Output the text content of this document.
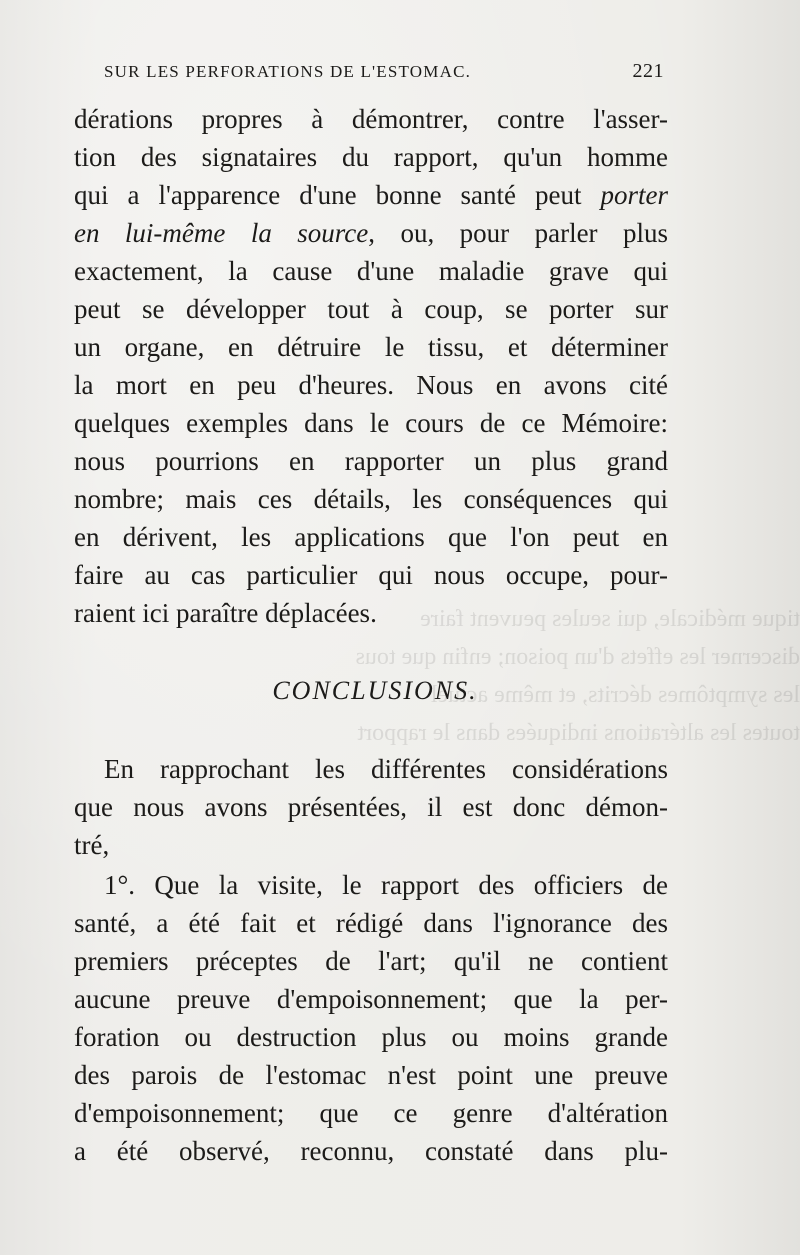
tique médicale, qui seules peuvent faire
discerner les effets d'un poison; enfin que tous
les symptômes décrits, et même actuel
toutes les altérations indiquées dans le rapport
SUR LES PERFORATIONS DE L'ESTOMAC.	221
dérations propres à démontrer, contre l'asser-
tion des signataires du rapport, qu'un homme
qui a l'apparence d'une bonne santé peut porter
en lui-même la source, ou, pour parler plus
exactement, la cause d'une maladie grave qui
peut se développer tout à coup, se porter sur
un organe, en détruire le tissu, et déterminer
la mort en peu d'heures. Nous en avons cité
quelques exemples dans le cours de ce Mémoire:
nous pourrions en rapporter un plus grand
nombre; mais ces détails, les conséquences qui
en dérivent, les applications que l'on peut en
faire au cas particulier qui nous occupe, pour-
raient ici paraître déplacées.
CONCLUSIONS.
En rapprochant les différentes considérations
que nous avons présentées, il est donc démon-
tré,
1°. Que la visite, le rapport des officiers de
santé, a été fait et rédigé dans l'ignorance des
premiers préceptes de l'art; qu'il ne contient
aucune preuve d'empoisonnement; que la per-
foration ou destruction plus ou moins grande
des parois de l'estomac n'est point une preuve
d'empoisonnement; que ce genre d'altération
a été observé, reconnu, constaté dans plu-
